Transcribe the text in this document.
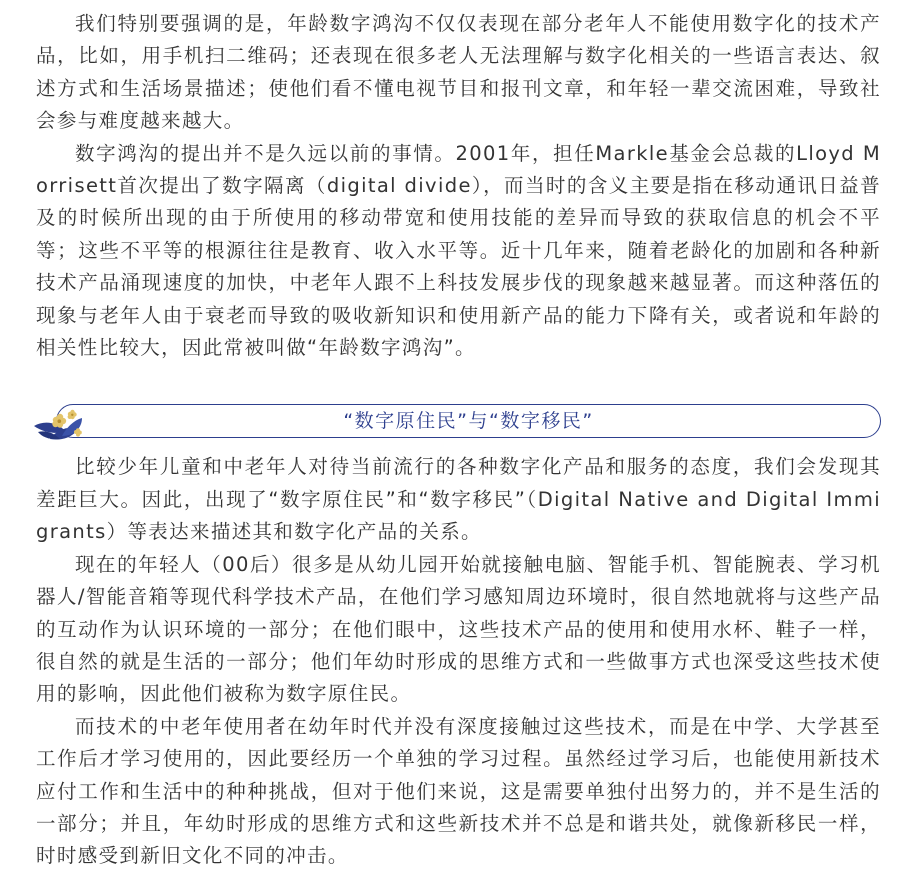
我们特别要强调的是，年龄数字鸿沟不仅仅表现在部分老年人不能使用数字化的技术产品，比如，用手机扫二维码；还表现在很多老人无法理解与数字化相关的一些语言表达、叙述方式和生活场景描述；使他们看不懂电视节目和报刊文章，和年轻一辈交流困难，导致社会参与难度越来越大。

数字鸿沟的提出并不是久远以前的事情。2001年，担任Markle基金会总裁的Lloyd Morrisett首次提出了数字隔离（digital divide），而当时的含义主要是指在移动通讯日益普及的时候所出现的由于所使用的移动带宽和使用技能的差异而导致的获取信息的机会不平等；这些不平等的根源往往是教育、收入水平等。近十几年来，随着老龄化的加剧和各种新技术产品涌现速度的加快，中老年人跟不上科技发展步伐的现象越来越显著。而这种落伍的现象与老年人由于衰老而导致的吸收新知识和使用新产品的能力下降有关，或者说和年龄的相关性比较大，因此常被叫做“年龄数字鸿沟”。

“数字原住民”与“数字移民”

比较少年儿童和中老年人对待当前流行的各种数字化产品和服务的态度，我们会发现其差距巨大。因此，出现了“数字原住民”和“数字移民”（Digital Native and Digital Immigrants）等表达来描述其和数字化产品的关系。

现在的年轻人（00后）很多是从幼儿园开始就接触电脑、智能手机、智能腕表、学习机器人/智能音箱等现代科学技术产品，在他们学习感知周边环境时，很自然地就将与这些产品的互动作为认识环境的一部分；在他们眼中，这些技术产品的使用和使用水杯、鞋子一样，很自然的就是生活的一部分；他们年幼时形成的思维方式和一些做事方式也深受这些技术使用的影响，因此他们被称为数字原住民。

而技术的中老年使用者在幼年时代并没有深度接触过这些技术，而是在中学、大学甚至工作后才学习使用的，因此要经历一个单独的学习过程。虽然经过学习后，也能使用新技术应付工作和生活中的种种挑战，但对于他们来说，这是需要单独付出努力的，并不是生活的一部分；并且，年幼时形成的思维方式和这些新技术并不总是和谐共处，就像新移民一样，时时感受到新旧文化不同的冲击。
